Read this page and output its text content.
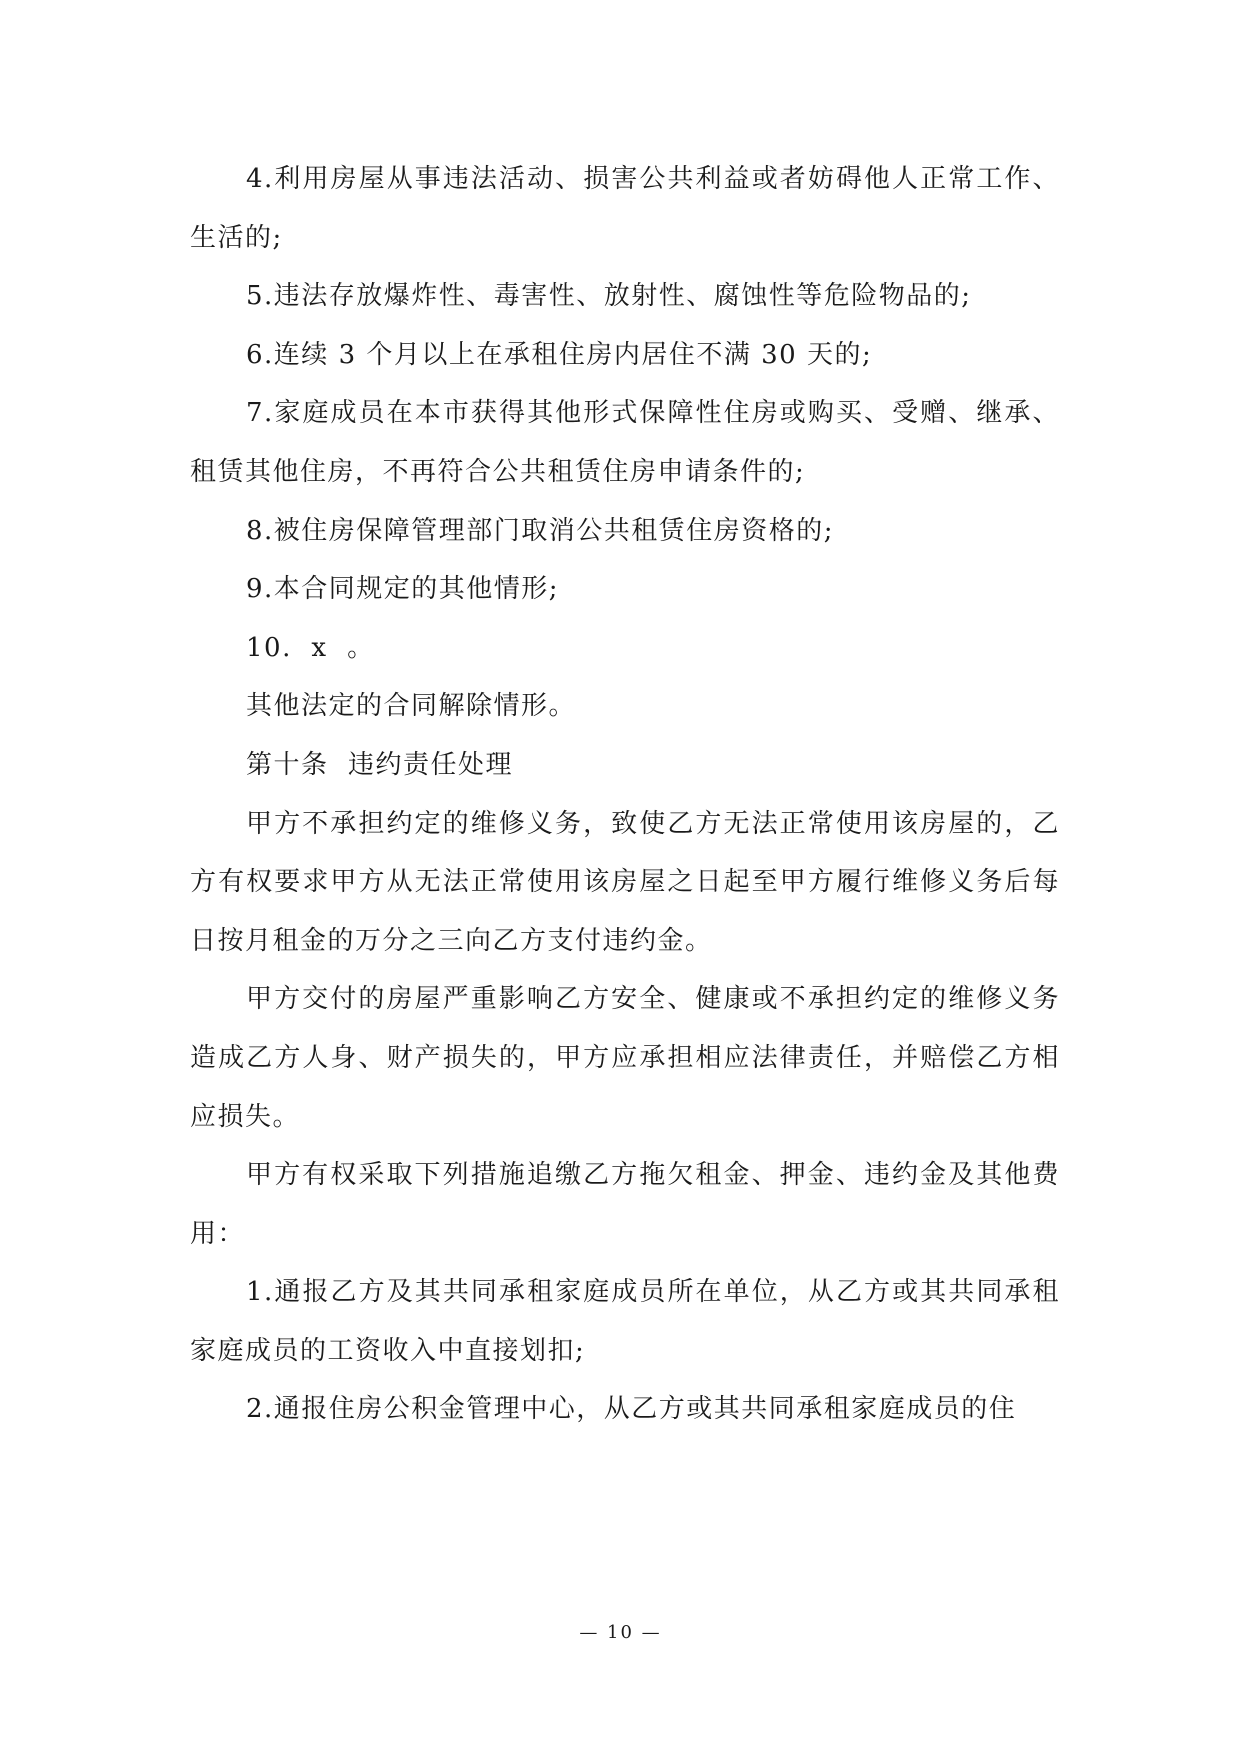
4.利用房屋从事违法活动、损害公共利益或者妨碍他人正常工作、生活的;

5.违法存放爆炸性、毒害性、放射性、腐蚀性等危险物品的;

6.连续 3 个月以上在承租住房内居住不满 30 天的;

7.家庭成员在本市获得其他形式保障性住房或购买、受赠、继承、租赁其他住房，不再符合公共租赁住房申请条件的;

8.被住房保障管理部门取消公共租赁住房资格的;

9.本合同规定的其他情形;

10.  x  。

其他法定的合同解除情形。

第十条  违约责任处理

甲方不承担约定的维修义务，致使乙方无法正常使用该房屋的，乙方有权要求甲方从无法正常使用该房屋之日起至甲方履行维修义务后每日按月租金的万分之三向乙方支付违约金。

甲方交付的房屋严重影响乙方安全、健康或不承担约定的维修义务造成乙方人身、财产损失的，甲方应承担相应法律责任，并赔偿乙方相应损失。

甲方有权采取下列措施追缴乙方拖欠租金、押金、违约金及其他费用：

1.通报乙方及其共同承租家庭成员所在单位，从乙方或其共同承租家庭成员的工资收入中直接划扣;

2.通报住房公积金管理中心，从乙方或其共同承租家庭成员的住

— 10 —
